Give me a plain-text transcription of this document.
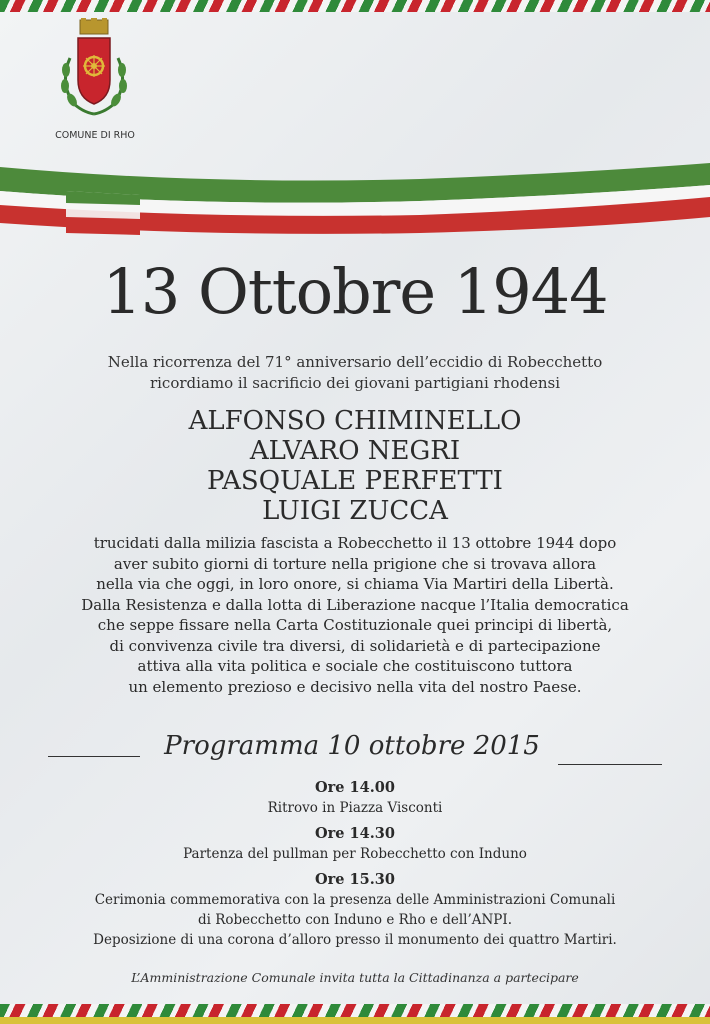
COMUNE DI RHO
13 Ottobre 1944
Nella ricorrenza del 71° anniversario dell’eccidio di Robecchetto
ricordiamo il sacrificio dei giovani partigiani rhodensi
ALFONSO CHIMINELLO
ALVARO NEGRI
PASQUALE PERFETTI
LUIGI ZUCCA
trucidati dalla milizia fascista a Robecchetto il 13 ottobre 1944 dopo
aver subito giorni di torture nella prigione che si trovava allora
nella via che oggi, in loro onore, si chiama Via Martiri della Libertà.
Dalla Resistenza e dalla lotta di Liberazione nacque l’Italia democratica
che seppe fissare nella Carta Costituzionale quei principi di libertà,
di convivenza civile tra diversi, di solidarietà e di partecipazione
attiva alla vita politica e sociale che costituiscono tuttora
un elemento prezioso e decisivo nella vita del nostro Paese.
Programma 10 ottobre 2015
Ore 14.00
Ritrovo in Piazza Visconti
Ore 14.30
Partenza del pullman per Robecchetto con Induno
Ore 15.30
Cerimonia commemorativa con la presenza delle Amministrazioni Comunali
di Robecchetto con Induno e Rho e dell’ANPI.
Deposizione di una corona d’alloro presso il monumento dei quattro Martiri.
L’Amministrazione Comunale invita tutta la Cittadinanza a partecipare
